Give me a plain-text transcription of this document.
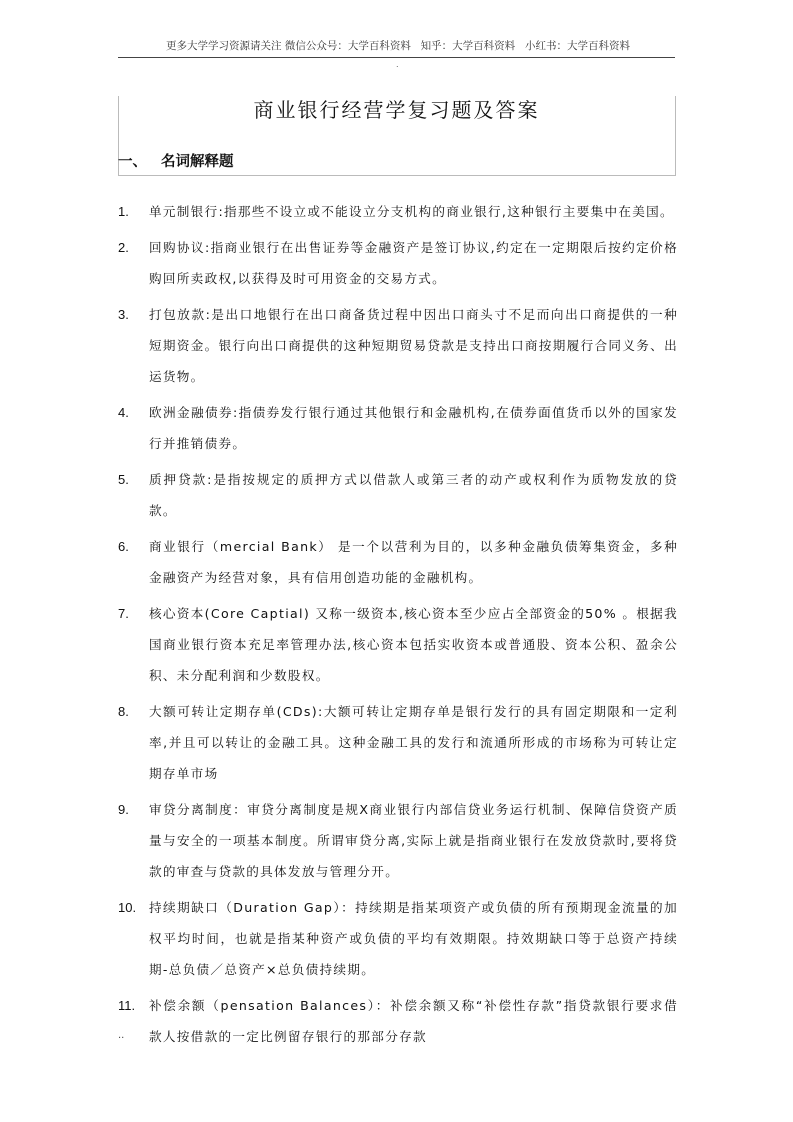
更多大学学习资源请关注 微信公众号：大学百科资料 知乎：大学百科资料 小红书：大学百科资料
.
商业银行经营学复习题及答案
一、 名词解释题
1. 单元制银行:指那些不设立或不能设立分支机构的商业银行,这种银行主要集中在美国。
2. 回购协议:指商业银行在出售证券等金融资产是签订协议,约定在一定期限后按约定价格购回所卖政权,以获得及时可用资金的交易方式。
3. 打包放款:是出口地银行在出口商备货过程中因出口商头寸不足而向出口商提供的一种短期资金。银行向出口商提供的这种短期贸易贷款是支持出口商按期履行合同义务、出运货物。
4. 欧洲金融债券:指债券发行银行通过其他银行和金融机构,在债券面值货币以外的国家发行并推销债券。
5. 质押贷款:是指按规定的质押方式以借款人或第三者的动产或权利作为质物发放的贷款。
6. 商业银行（mercial Bank） 是一个以营利为目的，以多种金融负债筹集资金，多种金融资产为经营对象，具有信用创造功能的金融机构。
7. 核心资本(Core Captial) 又称一级资本,核心资本至少应占全部资金的50% 。根据我国商业银行资本充足率管理办法,核心资本包括实收资本或普通股、资本公积、盈余公积、未分配利润和少数股权。
8. 大额可转让定期存单(CDs):大额可转让定期存单是银行发行的具有固定期限和一定利率,并且可以转让的金融工具。这种金融工具的发行和流通所形成的市场称为可转让定期存单市场
9. 审贷分离制度：审贷分离制度是规X商业银行内部信贷业务运行机制、保障信贷资产质量与安全的一项基本制度。所谓审贷分离,实际上就是指商业银行在发放贷款时,要将贷款的审查与贷款的具体发放与管理分开。
10. 持续期缺口（Duration Gap）：持续期是指某项资产或负债的所有预期现金流量的加权平均时间，也就是指某种资产或负债的平均有效期限。持效期缺口等于总资产持续期-总负债／总资产×总负债持续期。
11. 补偿余额（pensation Balances）：补偿余额又称“补偿性存款”指贷款银行要求借款人按借款的一定比例留存银行的那部分存款
..
